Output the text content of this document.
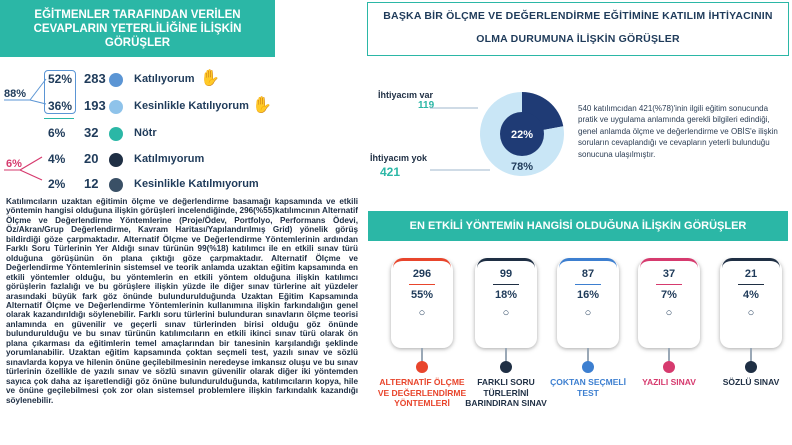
EĞİTMENLER TARAFINDAN VERİLEN
CEVAPLARIN YETERLİLİĞİNE İLİŞKİN
GÖRÜŞLER
88%
6%
52% 283	Katılıyorum
36% 193	Kesinlikle Katılıyorum
6% 32	Nötr
4% 20	Katılmıyorum
2% 12	Kesinlikle Katılmıyorum
✋
✋
Katılımcıların uzaktan eğitimin ölçme ve değerlendirme basamağı kapsamında ve etkili yöntemin hangisi olduğuna ilişkin görüşleri incelendiğinde, 296(%55)katılımcının Alternatif Ölçme ve Değerlendirme Yöntemlerine (Proje/Ödev, Portfolyo, Performans Ödevi, Öz/Akran/Grup Değerlendirme, Kavram Haritası/Yapılandırılmış Grid) yönelik görüş bildirdiği göze çarpmaktadır. Alternatif Ölçme ve Değerlendirme Yöntemlerinin ardından Farklı Soru Türlerinin Yer Aldığı sınav türünün 99(%18) katılımcı ile en etkili sınav türü olduğuna görüşünün ön plana çıktığı göze çarpmaktadır. Alternatif Ölçme ve Değerlendirme Yöntemlerinin sistemsel ve teorik anlamda uzaktan eğitim kapsamında en etkili yöntemler olduğu, bu yöntemlerin en etkili yöntem olduğuna ilişkin katılımcı görüşlerin fazlalığı ve bu görüşlere ilişkin yüzde ile diğer sınav türlerine ait yüzdeler arasındaki büyük fark göz önünde bulundurulduğunda Uzaktan Eğitim Kapsamında Alternatif Ölçme ve Değerlendirme Yöntemlerinin kullanımına ilişkin farkındalığın genel olarak kazandırıldığı söylenebilir. Farklı soru türlerini bulunduran sınavların ölçme teorisi anlamında en güvenilir ve geçerli sınav türlerinden birisi olduğu göz önünde bulundurulduğu ve bu sınav türünün katılımcıların en etkili ikinci sınav türü olarak ön plana çıkarması da eğitimlerin temel amaçlarından bir tanesinin karşılandığı şeklinde yorumlanabilir. Uzaktan eğitim kapsamında çoktan seçmeli test, yazılı sınav ve sözlü sınavlarda kopya ve hilenin önüne geçilebilmesinin neredeyse imkansız oluşu ve bu sınav türlerinin özellikle de yazılı sınav ve sözlü sınavın güvenilir olarak diğer iki yöntemden sayıca çok daha az işaretlendiği göz önüne bulundurulduğunda, katılımcıların kopya, hile ve önüne geçilebilmesi çok zor olan sistemsel problemlere ilişkin farkındalık kazandığı söylenebilir.
BAŞKA BİR ÖLÇME VE DEĞERLENDİRME EĞİTİMİNE KATILIM İHTİYACININ
OLMA DURUMUNA İLİŞKİN GÖRÜŞLER
İhtiyacım var
119
İhtiyacım yok
421
22%
78%
540 katılımcıdan 421(%78)'inin ilgili eğitim sonucunda pratik ve uygulama anlamında gerekli bilgileri edindiği, genel anlamda ölçme ve değerlendirme ve OBİS'e ilişkin soruların cevaplandığı ve cevapların yeterli bulunduğu sonucuna ulaşılmıştır.
EN ETKİLİ YÖNTEMİN HANGİSİ OLDUĞUNA İLİŞKİN GÖRÜŞLER
296
55%
○
ALTERNATİF ÖLÇME VE DEĞERLENDİRME YÖNTEMLERİ
99
18%
○
FARKLI SORU TÜRLERİNİ BARINDIRAN SINAV
87
16%
○
ÇOKTAN SEÇMELİ TEST
37
7%
○
YAZILI SINAV
21
4%
○
SÖZLÜ SINAV
